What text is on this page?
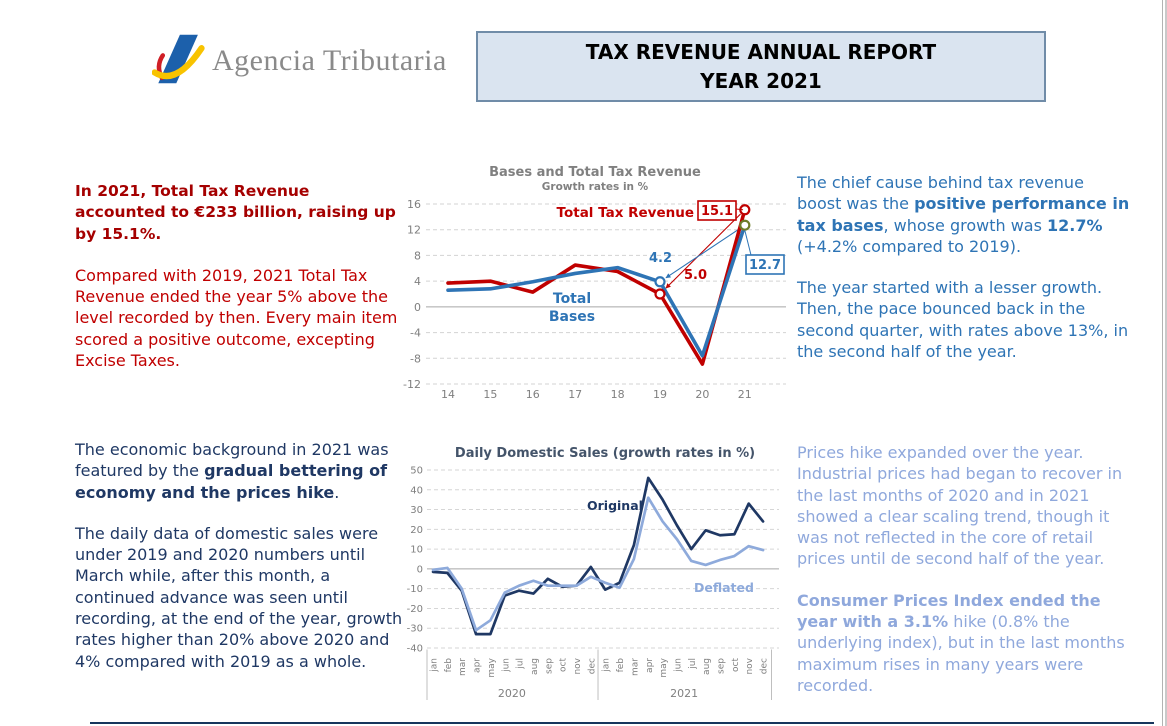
Agencia Tributaria	TAX REVENUE ANNUAL REPORT
YEAR 2021

In 2021, Total Tax Revenue accounted to €233 billion, raising up by 15.1%.

Compared with 2019, 2021 Total Tax Revenue ended the year 5% above the level recorded by then. Every main item scored a positive outcome, excepting Excise Taxes.

The economic background in 2021 was featured by the gradual bettering of economy and the prices hike.

The daily data of domestic sales were under 2019 and 2020 numbers until March while, after this month, a continued advance was seen until recording, at the end of the year, growth rates higher than 20% above 2020 and 4% compared with 2019 as a whole.

Bases and Total Tax Revenue
Growth rates in %
16
12
8
4
0
-4
-8
-12
14	15	16	17	18	19	20	21
Total Tax Revenue
Total
Bases
4.2
5.0
15.1
12.7
Daily Domestic Sales (growth rates in %)
50
40
30
20
10
0
-10
-20
-30
-40
Original
Deflated
jan feb mar apr may jun jul aug sep oct nov dec jan feb mar apr may jun jul aug sep oct nov dec
2020	2021

The chief cause behind tax revenue boost was the positive performance in tax bases, whose growth was 12.7% (+4.2% compared to 2019).

The year started with a lesser growth. Then, the pace bounced back in the second quarter, with rates above 13%, in the second half of the year.

Prices hike expanded over the year. Industrial prices had began to recover in the last months of 2020 and in 2021 showed a clear scaling trend, though it was not reflected in the core of retail prices until de second half of the year.

Consumer Prices Index ended the year with a 3.1% hike (0.8% the underlying index), but in the last months maximum rises in many years were recorded.
